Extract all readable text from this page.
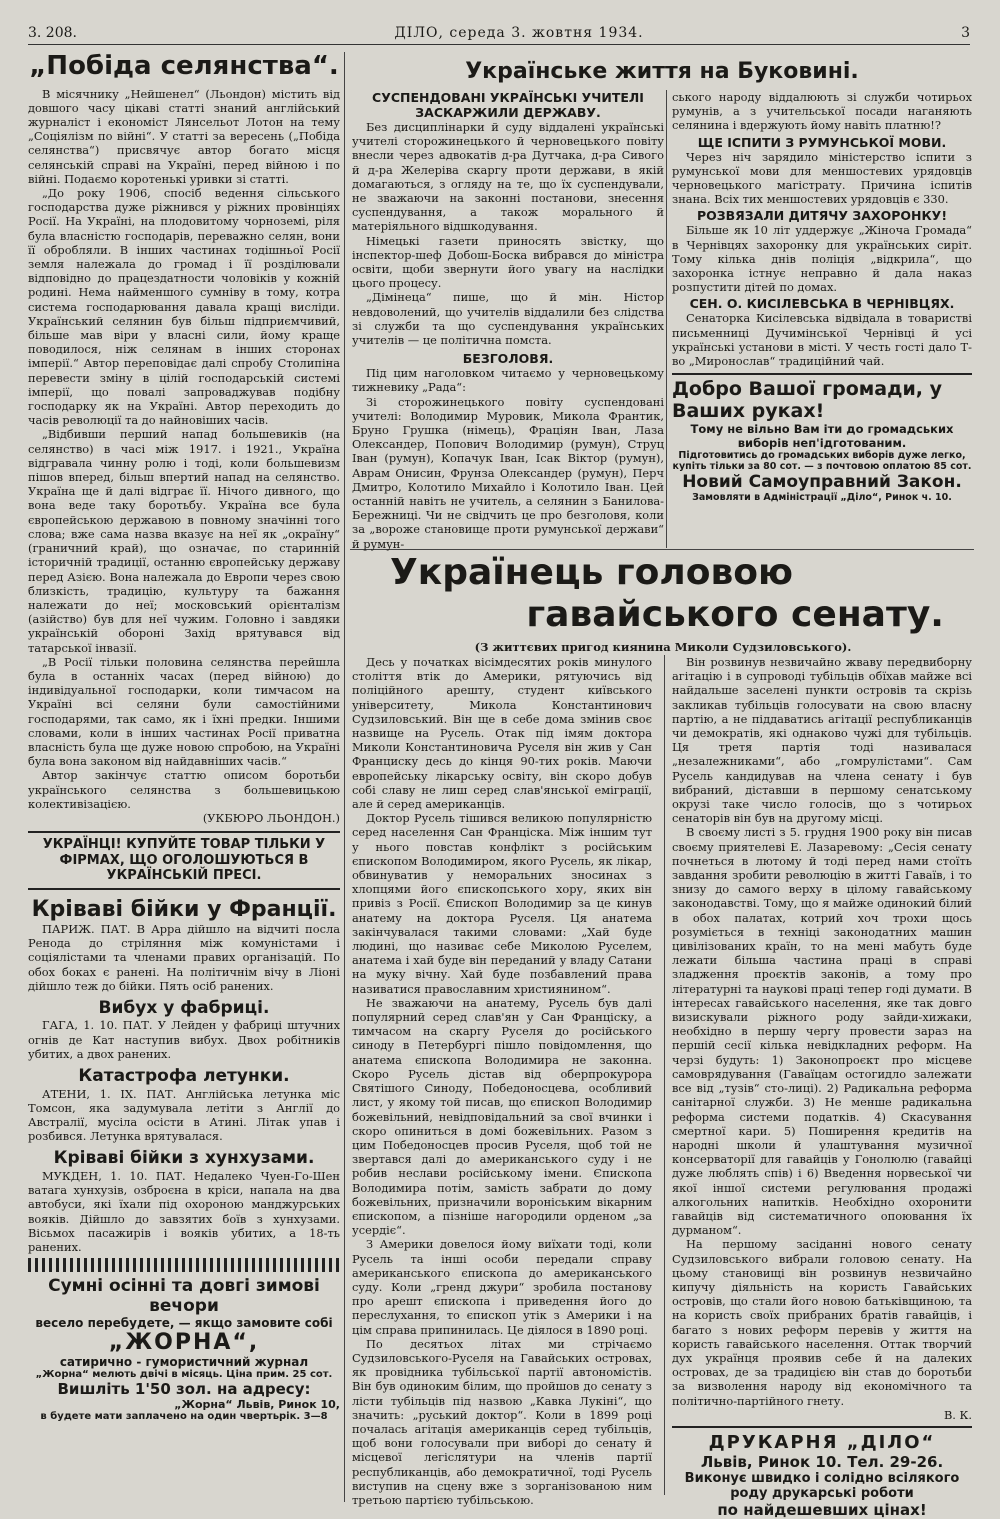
3. 208.	ДІЛО, середа 3. жовтня 1934.	3
„Побіда селянства“.

В місячнику „Нейшенел“ (Льондон) містить від довшого часу цікаві статті знаний англійський журналіст і економіст Лянсельот Лотон на тему „Соціялізм по війні“. У статті за вересень („Побіда селянства“) присвячує автор богато місця селянській справі на Україні, перед війною і по війні. Подаємо коротенькі уривки зі статті.

„До року 1906, спосіб ведення сільського господарства дуже ріжнився у ріжних провінціях Росії. На Україні, на плодовитому чорноземі, ріля була власністю господарів, переважно селян, вони її обробляли. В інших частинах тодішньої Росії земля належала до громад і її розділювали відповідно до працездатности чоловіків у кожній родині. Нема найменшого сумніву в тому, котра система господарювання давала кращі висліди. Український селянин був більш підприємчивий, більше мав віри у власні сили, йому краще поводилося, ніж селянам в інших сторонах імперії.“ Автор переповідає далі спробу Столипіна перевести зміну в цілій господарській системі імперії, що повалі запроваджував подібну господарку як на Україні. Автор переходить до часів революції та до найновіших часів.

„Відбивши перший напад большевиків (на селянство) в часі між 1917. і 1921., Україна відгравала чинну ролю і тоді, коли большевизм пішов вперед, більш впертий напад на селянство. Україна ще й далі відграє її. Нічого дивного, що вона веде таку боротьбу. Україна все була європейською державою в повному значінні того слова; вже сама назва вказує на неї як „окраїну“ (граничний край), що означає, по старинній історичній традиції, останню європейську державу перед Азією. Вона належала до Европи через свою близкість, традицію, культуру та бажання належати до неї; московський орієнталізм (азійство) був для неї чужим. Головно і завдяки українській обороні Захід врятувався від татарської інвазії.

„В Росії тільки половина селянства перейшла була в останніх часах (перед війною) до індивідуальної господарки, коли тимчасом на Україні всі селяни були самостійними господарями, так само, як і їхні предки. Іншими словами, коли в інших частинах Росії приватна власність була ще дуже новою спробою, на Україні була вона законом від найдавніших часів.“

Автор закінчує статтю описом боротьби українського селянства з большевицькою колективізацією.

(УКБЮРО ЛЬОНДОН.)
УКРАЇНЦІ! КУПУЙТЕ ТОВАР ТІЛЬКИ У ФІРМАХ, ЩО ОГОЛОШУЮТЬСЯ В УКРАЇНСЬКІЙ ПРЕСІ.
Кріваві бійки у Франції.

ПАРИЖ. ПАТ. В Арра дійшло на відчиті посла Ренода до стріляння між комуністами і соціялістами та членами правих організацій. По обох боках є ранені. На політичнім вічу в Ліоні дійшло теж до бійки. Пять осіб ранених.

Вибух у фабриці.

ГАГА, 1. 10. ПАТ. У Лейден у фабриці штучних огнів де Кат наступив вибух. Двох робітників убитих, а двох ранених.

Катастрофа летунки.

АТЕНИ, 1. IX. ПАТ. Англійська летунка міс Томсон, яка задумувала летіти з Англії до Австралії, мусіла осісти в Атині. Літак упав і розбився. Летунка врятувалася.

Кріваві бійки з хунхузами.

МУКДЕН, 1. 10. ПАТ. Недалеко Чуен-Го-Шен ватага хунхузів, озброєна в кріси, напала на два автобуси, які їхали під охороною манджурських вояків. Дійшло до завзятих боїв з хунхузами. Вісьмох пасажирів і вояків убитих, а 18-ть ранених.

Сумні осінні та довгі зимові вечори
весело перебудете, — якщо замовите собі
„ЖОРНА“,
сатирично - гумористичний журнал
„Жорна“ мелють двічі в місяць. Ціна прим. 25 сот.
Вишліть 1'50 зол. на адресу:
„Жорна“ Львів, Ринок 10,
в будете мати заплачено на один чвертьрік. 3—8
Українське життя на Буковині.
СУСПЕНДОВАНІ УКРАЇНСЬКІ УЧИТЕЛІ ЗАСКАРЖИЛИ ДЕРЖАВУ.

Без дисциплінарки й суду віддалені українські учителі сторожинецького й черновецького повіту внесли через адвокатів д-ра Дутчака, д-ра Сивого й д-ра Желеріва скаргу проти держави, в якій домагаються, з огляду на те, що їх суспендували, не зважаючи на законні постанови, знесення суспендування, а також морального й матеріяльного відшкодування.

Німецькі газети приносять звістку, що інспектор-шеф Добош-Боска вибрався до міністра освіти, щоби звернути його увагу на наслідки цього процесу.

„Дімінеца“ пише, що й мін. Ністор невдоволений, що учителів віддалили без слідства зі служби та що суспендування українських учителів — це політична помста.

БЕЗГОЛОВЯ.

Під цим наголовком читаємо у черновецькому тижневику „Рада“:

Зі сторожинецького повіту суспендовані учителі: Володимир Муровик, Микола Франтик, Бруно Грушка (німець), Фраціян Іван, Лаза Олександер, Попович Володимир (румун), Струц Іван (румун), Копачук Іван, Ісак Віктор (румун), Аврам Онисин, Фрунза Олександер (румун), Перч Дмитро, Колотило Михайло і Колотило Іван. Цей останній навіть не учитель, а селянин з Банилова-Бережниці. Чи не свідчить це про безголовя, коли за „вороже становище проти румунської держави“ й румун-

ського народу віддалюють зі служби чотирьох румунів, а з учительської посади наганяють селянина і вдержують йому навіть платню!?

ЩЕ ІСПИТИ З РУМУНСЬКОЇ МОВИ.

Через ніч зарядило міністерство іспити з румунської мови для меншостевих урядовців черновецького магістрату. Причина іспитів знана. Всіх тих меншостевих урядовців є 330.

РОЗВЯЗАЛИ ДИТЯЧУ ЗАХОРОНКУ!

Більше як 10 літ уддержує „Жіноча Громада“ в Чернівцях захоронку для українських сиріт. Тому кілька днів поліція „відкрила“, що захоронка істнує неправно й дала наказ розпустити дітей по домах.

СЕН. О. КИСІЛЕВСЬКА В ЧЕРНІВЦЯХ.

Сенаторка Кисілевська відвідала в товаристві письменниці Дучимінської Чернівці й усі українські установи в місті. У честь гості дало Т-во „Миронослав“ традиційний чай.

Добро Вашої громади, у Ваших руках!
Тому не вільно Вам іти до громадських виборів неп'ідготованим.
Підготовитись до громадських виборів дуже легко, купіть тільки за 80 сот. — з почтовою оплатою 85 сот.
Новий Самоуправний Закон.
Замовляти в Адміністрації „Діло“, Ринок ч. 10.
Українець головою
гавайського сенату.
(З життєвих пригод киянина Миколи Судзиловського).

Десь у початках вісімдесятих років минулого століття втік до Америки, рятуючись від поліційного арешту, студент київського університету, Микола Константинович Судзиловський. Він ще в себе дома змінив своє назвище на Русель. Отак під імям доктора Миколи Константиновича Руселя він жив у Сан Франциску десь до кінця 90-тих років. Маючи европейську лікарську освіту, він скоро добув собі славу не лиш серед слав'янської еміграції, але й серед американців.

Доктор Русель тішився великою популярністю серед населення Сан Франціска. Між іншим тут у нього повстав конфлікт з російським єпископом Володимиром, якого Русель, як лікар, обвинуватив у неморальних зносинах з хлопцями його єпископського хору, яких він привіз з Росії. Єпископ Володимир за це кинув анатему на доктора Руселя. Ця анатема закінчувалася такими словами: „Хай буде людині, що називає себе Миколою Руселем, анатема і хай буде він переданий у владу Сатани на муку вічну. Хай буде позбавлений права називатися православним християнином“.

Не зважаючи на анатему, Русель був далі популярний серед слав'ян у Сан Франціску, а тимчасом на скаргу Руселя до російського синоду в Петербургі пішло повідомлення, що анатема єпископа Володимира не законна. Скоро Русель дістав від оберпрокурора Святішого Синоду, Победоносцева, особливий лист, у якому той писав, що єпископ Володимир божевільний, невідповідальний за свої вчинки і скоро опиниться в домі божевільних. Разом з цим Победоносцев просив Руселя, щоб той не звертався далі до американського суду і не робив неслави російському імени. Єпископа Володимира потім, замість забрати до дому божевільних, призначили вороніським вікарним єпископом, а пізніше нагородили орденом „за усердіє“.

З Америки довелося йому виїхати тоді, коли Русель та інші особи передали справу американського єпископа до американського суду. Коли „гренд джури“ зробила постанову про арешт єпископа і приведення його до переслухання, то єпископ утік з Америки і на цім справа припинилась. Це діялося в 1890 році.

По десятьох літах ми стрічаємо Судзиловського-Руселя на Гавайських островах, як провідника тубільської партії автономістів. Він був одиноким білим, що пройшов до сенату з лісти тубільців під назвою „Кавка Лукіні“, що значить: „руський доктор“. Коли в 1899 році почалась агітація американців серед тубільців, щоб вони голосували при виборі до сенату й місцевої легіслятури на членів партії республиканців, або демократичної, тоді Русель виступив на сцену вже з зорганізованою ним третьою партією тубільською.

Він розвинув незвичайно жваву передвиборну агітацію і в супроводі тубільців обїхав майже всі найдальше заселені пункти островів та скрізь закликав тубільців голосувати на свою власну партію, а не піддаватись агітації республиканців чи демократів, які однаково чужі для тубільців. Ця третя партія тоді називалася „незалежниками“, або „гомрулістами“. Сам Русель кандидував на члена сенату і був вибраний, діставши в першому сенатському окрузі таке число голосів, що з чотирьох сенаторів він був на другому місці.

В своєму листі з 5. грудня 1900 року він писав своєму приятелеві Е. Лазаревому: „Сесія сенату почнеться в лютому й тоді перед нами стоїть завдання зробити революцію в житті Гаваїв, і то знизу до самого верху в цілому гавайському законодавстві. Тому, що я майже одинокий білий в обох палатах, котрий хоч трохи щось розуміється в техніці законодатних машин цивілізованих країн, то на мені мабуть буде лежати більша частина праці в справі зладження проєктів законів, а тому про літературні та наукові праці тепер годі думати. В інтересах гавайського населення, яке так довго визискували ріжного роду зайди-хижаки, необхідно в першу чергу провести зараз на першій сесії кілька невідкладних реформ. На черзі будуть: 1) Законопроєкт про місцеве самоврядування (Гаваїцам остогидло залежати все від „тузів“ сто-лиці). 2) Радикальна реформа санітарної служби. 3) Не менше радикальна реформа системи податків. 4) Скасування смертної кари. 5) Поширення кредитів на народні школи й улаштування музичної консерваторії для гавайців у Гонолюлю (гавайці дуже люблять спів) і 6) Введення норвеської чи якої іншої системи регулювання продажі алкогольних напитків. Необхідно охоронити гавайців від систематичного опоювання їх дурманом“.

На першому засіданні нового сенату Судзиловського вибрали головою сенату. На цьому становищі він розвинув незвичайно кипучу діяльність на користь Гавайських островів, що стали його новою батьківщиною, та на користь своїх прибраних братів гавайців, і багато з нових реформ перевів у життя на користь гавайського населення. Оттак творчий дух українця проявив себе й на далеких островах, де за традицією він став до боротьби за визволення народу від економічного та політично-партійного гнету.

В. К.
ДРУКАРНЯ „ДІЛО“
Львів, Ринок 10. Тел. 29-26.
Виконує швидко і солідно всілякого
роду друкарські роботи
по найдешевших цінах!
